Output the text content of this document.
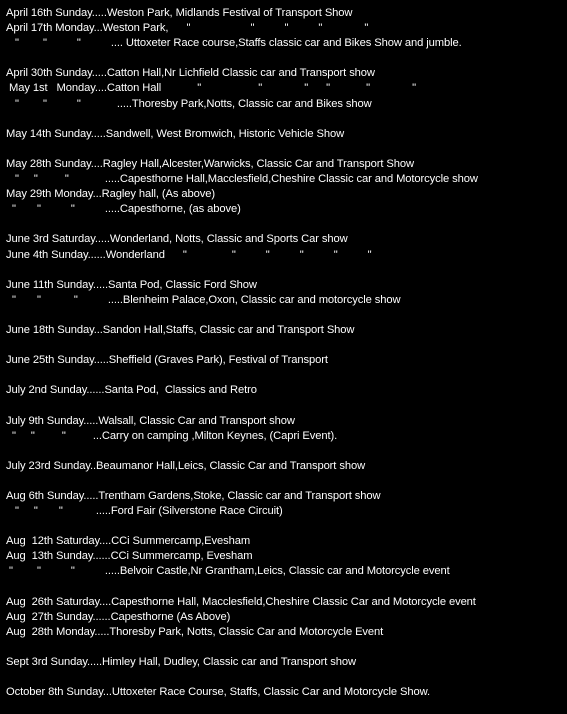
April 16th Sunday.....Weston Park, Midlands Festival of Transport Show
April 17th Monday...Weston Park,      "                    "          "          "              "
"        "          "          .... Uttoxeter Race course,Staffs classic car and Bikes Show and jumble.
April 30th Sunday.....Catton Hall,Nr Lichfield Classic car and Transport show
May 1st   Monday....Catton Hall            "                   "              "      "            "              "
"        "          "            .....Thoresby Park,Notts, Classic car and Bikes show
May 14th Sunday.....Sandwell, West Bromwich, Historic Vehicle Show
May 28th Sunday....Ragley Hall,Alcester,Warwicks, Classic Car and Transport Show
"     "         "            .....Capesthorne Hall,Macclesfield,Cheshire Classic car and Motorcycle show
May 29th Monday...Ragley hall, (As above)
"       "          "          .....Capesthorne, (as above)
June 3rd Saturday.....Wonderland, Notts, Classic and Sports Car show
June 4th Sunday......Wonderland      "               "          "          "          "          "
June 11th Sunday.....Santa Pod, Classic Ford Show
"       "           "          .....Blenheim Palace,Oxon, Classic car and motorcycle show
June 18th Sunday...Sandon Hall,Staffs, Classic car and Transport Show
June 25th Sunday.....Sheffield (Graves Park), Festival of Transport
July 2nd Sunday......Santa Pod,  Classics and Retro
July 9th Sunday.....Walsall, Classic Car and Transport show
"     "         "         ...Carry on camping ,Milton Keynes, (Capri Event).
July 23rd Sunday..Beaumanor Hall,Leics, Classic Car and Transport show
Aug 6th Sunday.....Trentham Gardens,Stoke, Classic car and Transport show
"     "       "           .....Ford Fair (Silverstone Race Circuit)
Aug  12th Saturday....CCi Summercamp,Evesham
Aug  13th Sunday......CCi Summercamp, Evesham
"        "          "          .....Belvoir Castle,Nr Grantham,Leics, Classic car and Motorcycle event
Aug  26th Saturday....Capesthorne Hall, Macclesfield,Cheshire Classic Car and Motorcycle event
Aug  27th Sunday......Capesthorne (As Above)
Aug  28th Monday.....Thoresby Park, Notts, Classic Car and Motorcycle Event
Sept 3rd Sunday.....Himley Hall, Dudley, Classic car and Transport show
October 8th Sunday...Uttoxeter Race Course, Staffs, Classic Car and Motorcycle Show.
